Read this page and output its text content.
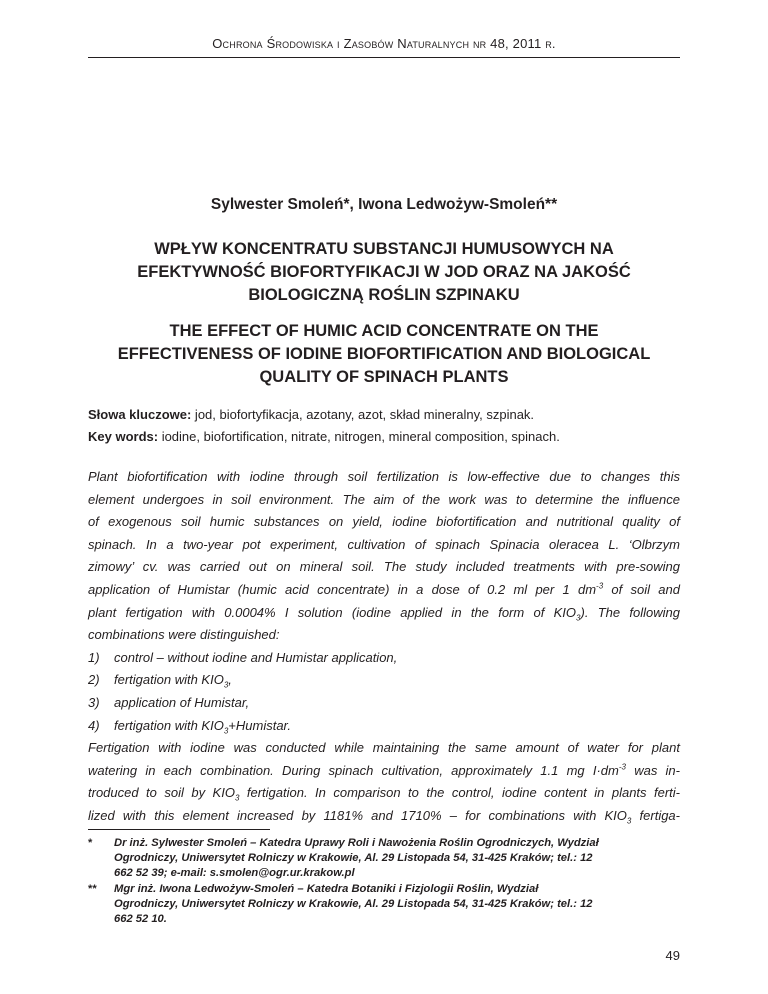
Ochrona Środowiska i Zasobów Naturalnych nr 48, 2011 r.
Sylwester Smoleń*, Iwona Ledwożyw-Smoleń**
WPŁYW KONCENTRATU SUBSTANCJI HUMUSOWYCH NA
EFEKTYWNOŚĆ BIOFORTYFIKACJI W JOD ORAZ NA JAKOŚĆ
BIOLOGICZNĄ ROŚLIN SZPINAKU
THE EFFECT OF HUMIC ACID CONCENTRATE ON THE
EFFECTIVENESS OF IODINE BIOFORTIFICATION AND BIOLOGICAL
QUALITY OF SPINACH PLANTS
Słowa kluczowe: jod, biofortyfikacja, azotany, azot, skład mineralny, szpinak.
Key words: iodine, biofortification, nitrate, nitrogen, mineral composition, spinach.

Plant biofortification with iodine through soil fertilization is low-effective due to changes this

element undergoes in soil environment. The aim of the work was to determine the influence

of exogenous soil humic substances on yield, iodine biofortification and nutritional quality of

spinach. In a two-year pot experiment, cultivation of spinach Spinacia oleracea L. ‘Olbrzym

zimowy’ cv. was carried out on mineral soil. The study included treatments with pre-sowing

application of Humistar (humic acid concentrate) in a dose of 0.2 ml per 1 $dm^{-3}$ of soil and

plant fertigation with 0.0004% I solution (iodine applied in the form of $KIO_3$). The following

combinations were distinguished:

1)	control – without iodine and Humistar application,
2)	fertigation with $KIO_3$,
3)	application of Humistar,
4)	fertigation with $KIO_3+Humistar$.

Fertigation with iodine was conducted while maintaining the same amount of water for plant

watering in each combination. During spinach cultivation, approximately 1.1 mg $I\cdot dm^{-3}$ was in-

troduced to soil by $KIO_3$ fertigation. In comparison to the control, iodine content in plants ferti-

lized with this element increased by 1181% and 1710% – for combinations with $KIO_3$ fertiga-

*	Dr inż. Sylwester Smoleń – Katedra Uprawy Roli i Nawożenia Roślin Ogrodniczych, Wydział
Ogrodniczy, Uniwersytet Rolniczy w Krakowie, Al. 29 Listopada 54, 31-425 Kraków; tel.: 12
662 52 39; e-mail: s.smolen@ogr.ur.krakow.pl
**	Mgr inż. Iwona Ledwożyw-Smoleń – Katedra Botaniki i Fizjologii Roślin, Wydział
Ogrodniczy, Uniwersytet Rolniczy w Krakowie, Al. 29 Listopada 54, 31-425 Kraków; tel.: 12
662 52 10.
49
